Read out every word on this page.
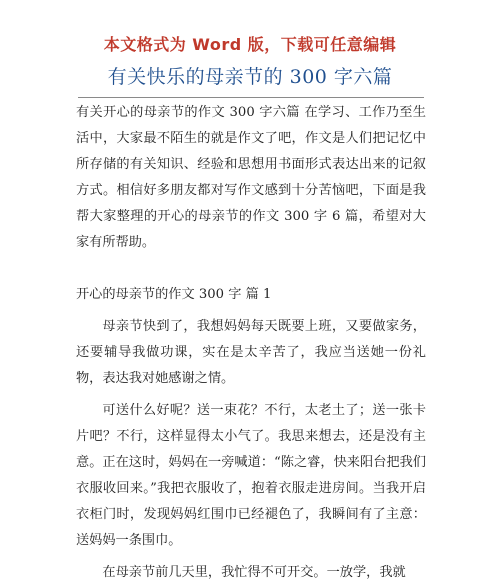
本文格式为 Word 版，下载可任意编辑
有关快乐的母亲节的 300 字六篇

有关开心的母亲节的作文 300 字六篇 在学习、工作乃至生活中，大家最不陌生的就是作文了吧，作文是人们把记忆中所存储的有关知识、经验和思想用书面形式表达出来的记叙方式。相信好多朋友都对写作文感到十分苦恼吧，下面是我帮大家整理的开心的母亲节的作文 300 字 6 篇，希望对大家有所帮助。

开心的母亲节的作文 300 字 篇 1

母亲节快到了，我想妈妈每天既要上班，又要做家务，还要辅导我做功课，实在是太辛苦了，我应当送她一份礼物，表达我对她感谢之情。

可送什么好呢？送一束花？不行，太老土了；送一张卡片吧？不行，这样显得太小气了。我思来想去，还是没有主意。正在这时，妈妈在一旁喊道：“陈之睿，快来阳台把我们衣服收回来。”我把衣服收了，抱着衣服走进房间。当我开启衣柜门时，发现妈妈红围巾已经褪色了，我瞬间有了主意：送妈妈一条围巾。

在母亲节前几天里，我忙得不可开交。一放学，我就
